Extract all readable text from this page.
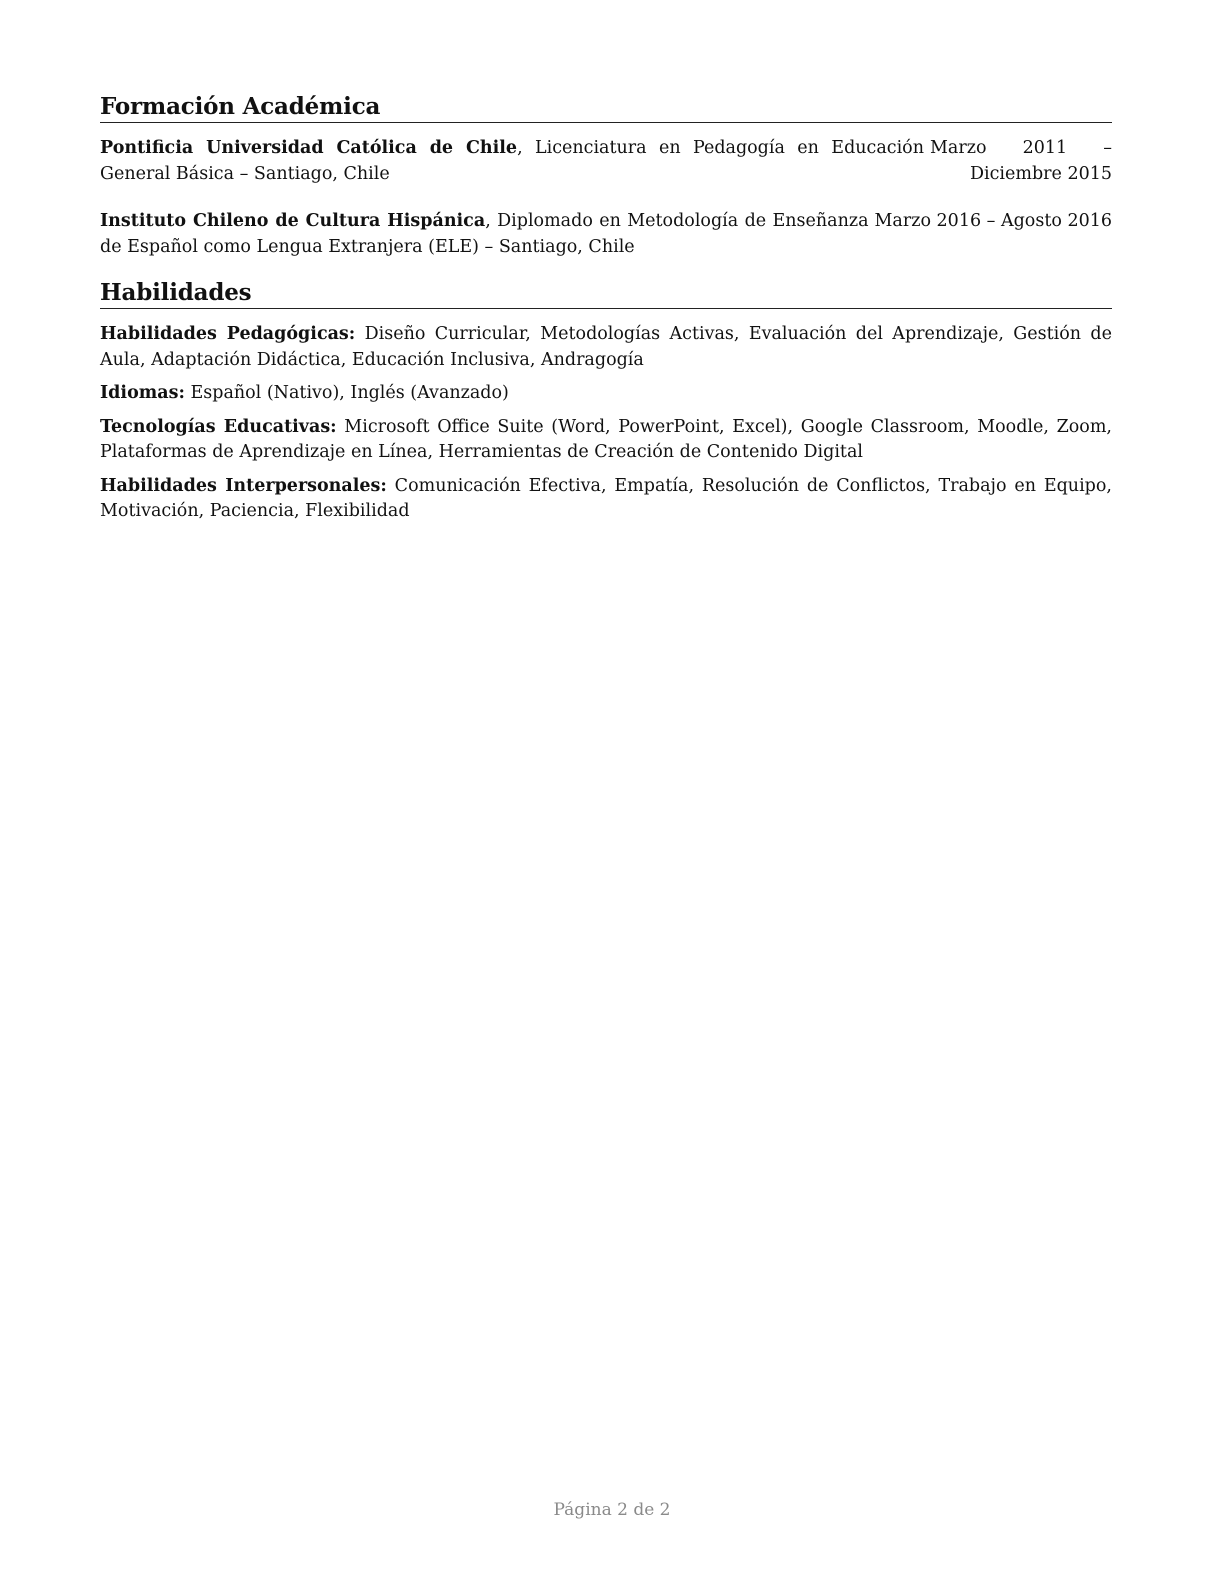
Formación Académica
Pontificia Universidad Católica de Chile, Licenciatura en Pedagogía en Educación General Básica – Santiago, Chile
Marzo 2011 – Diciembre 2015
Instituto Chileno de Cultura Hispánica, Diplomado en Metodología de Enseñanza de Español como Lengua Extranjera (ELE) – Santiago, Chile
Marzo 2016 – Agosto 2016
Habilidades

Habilidades Pedagógicas: Diseño Curricular, Metodologías Activas, Evaluación del Aprendizaje, Gestión de Aula, Adaptación Didáctica, Educación Inclusiva, Andragogía

Idiomas: Español (Nativo), Inglés (Avanzado)

Tecnologías Educativas: Microsoft Office Suite (Word, PowerPoint, Excel), Google Classroom, Moodle, Zoom, Plataformas de Aprendizaje en Línea, Herramientas de Creación de Contenido Digital

Habilidades Interpersonales: Comunicación Efectiva, Empatía, Resolución de Conflictos, Trabajo en Equipo, Motivación, Paciencia, Flexibilidad

Página 2 de 2
